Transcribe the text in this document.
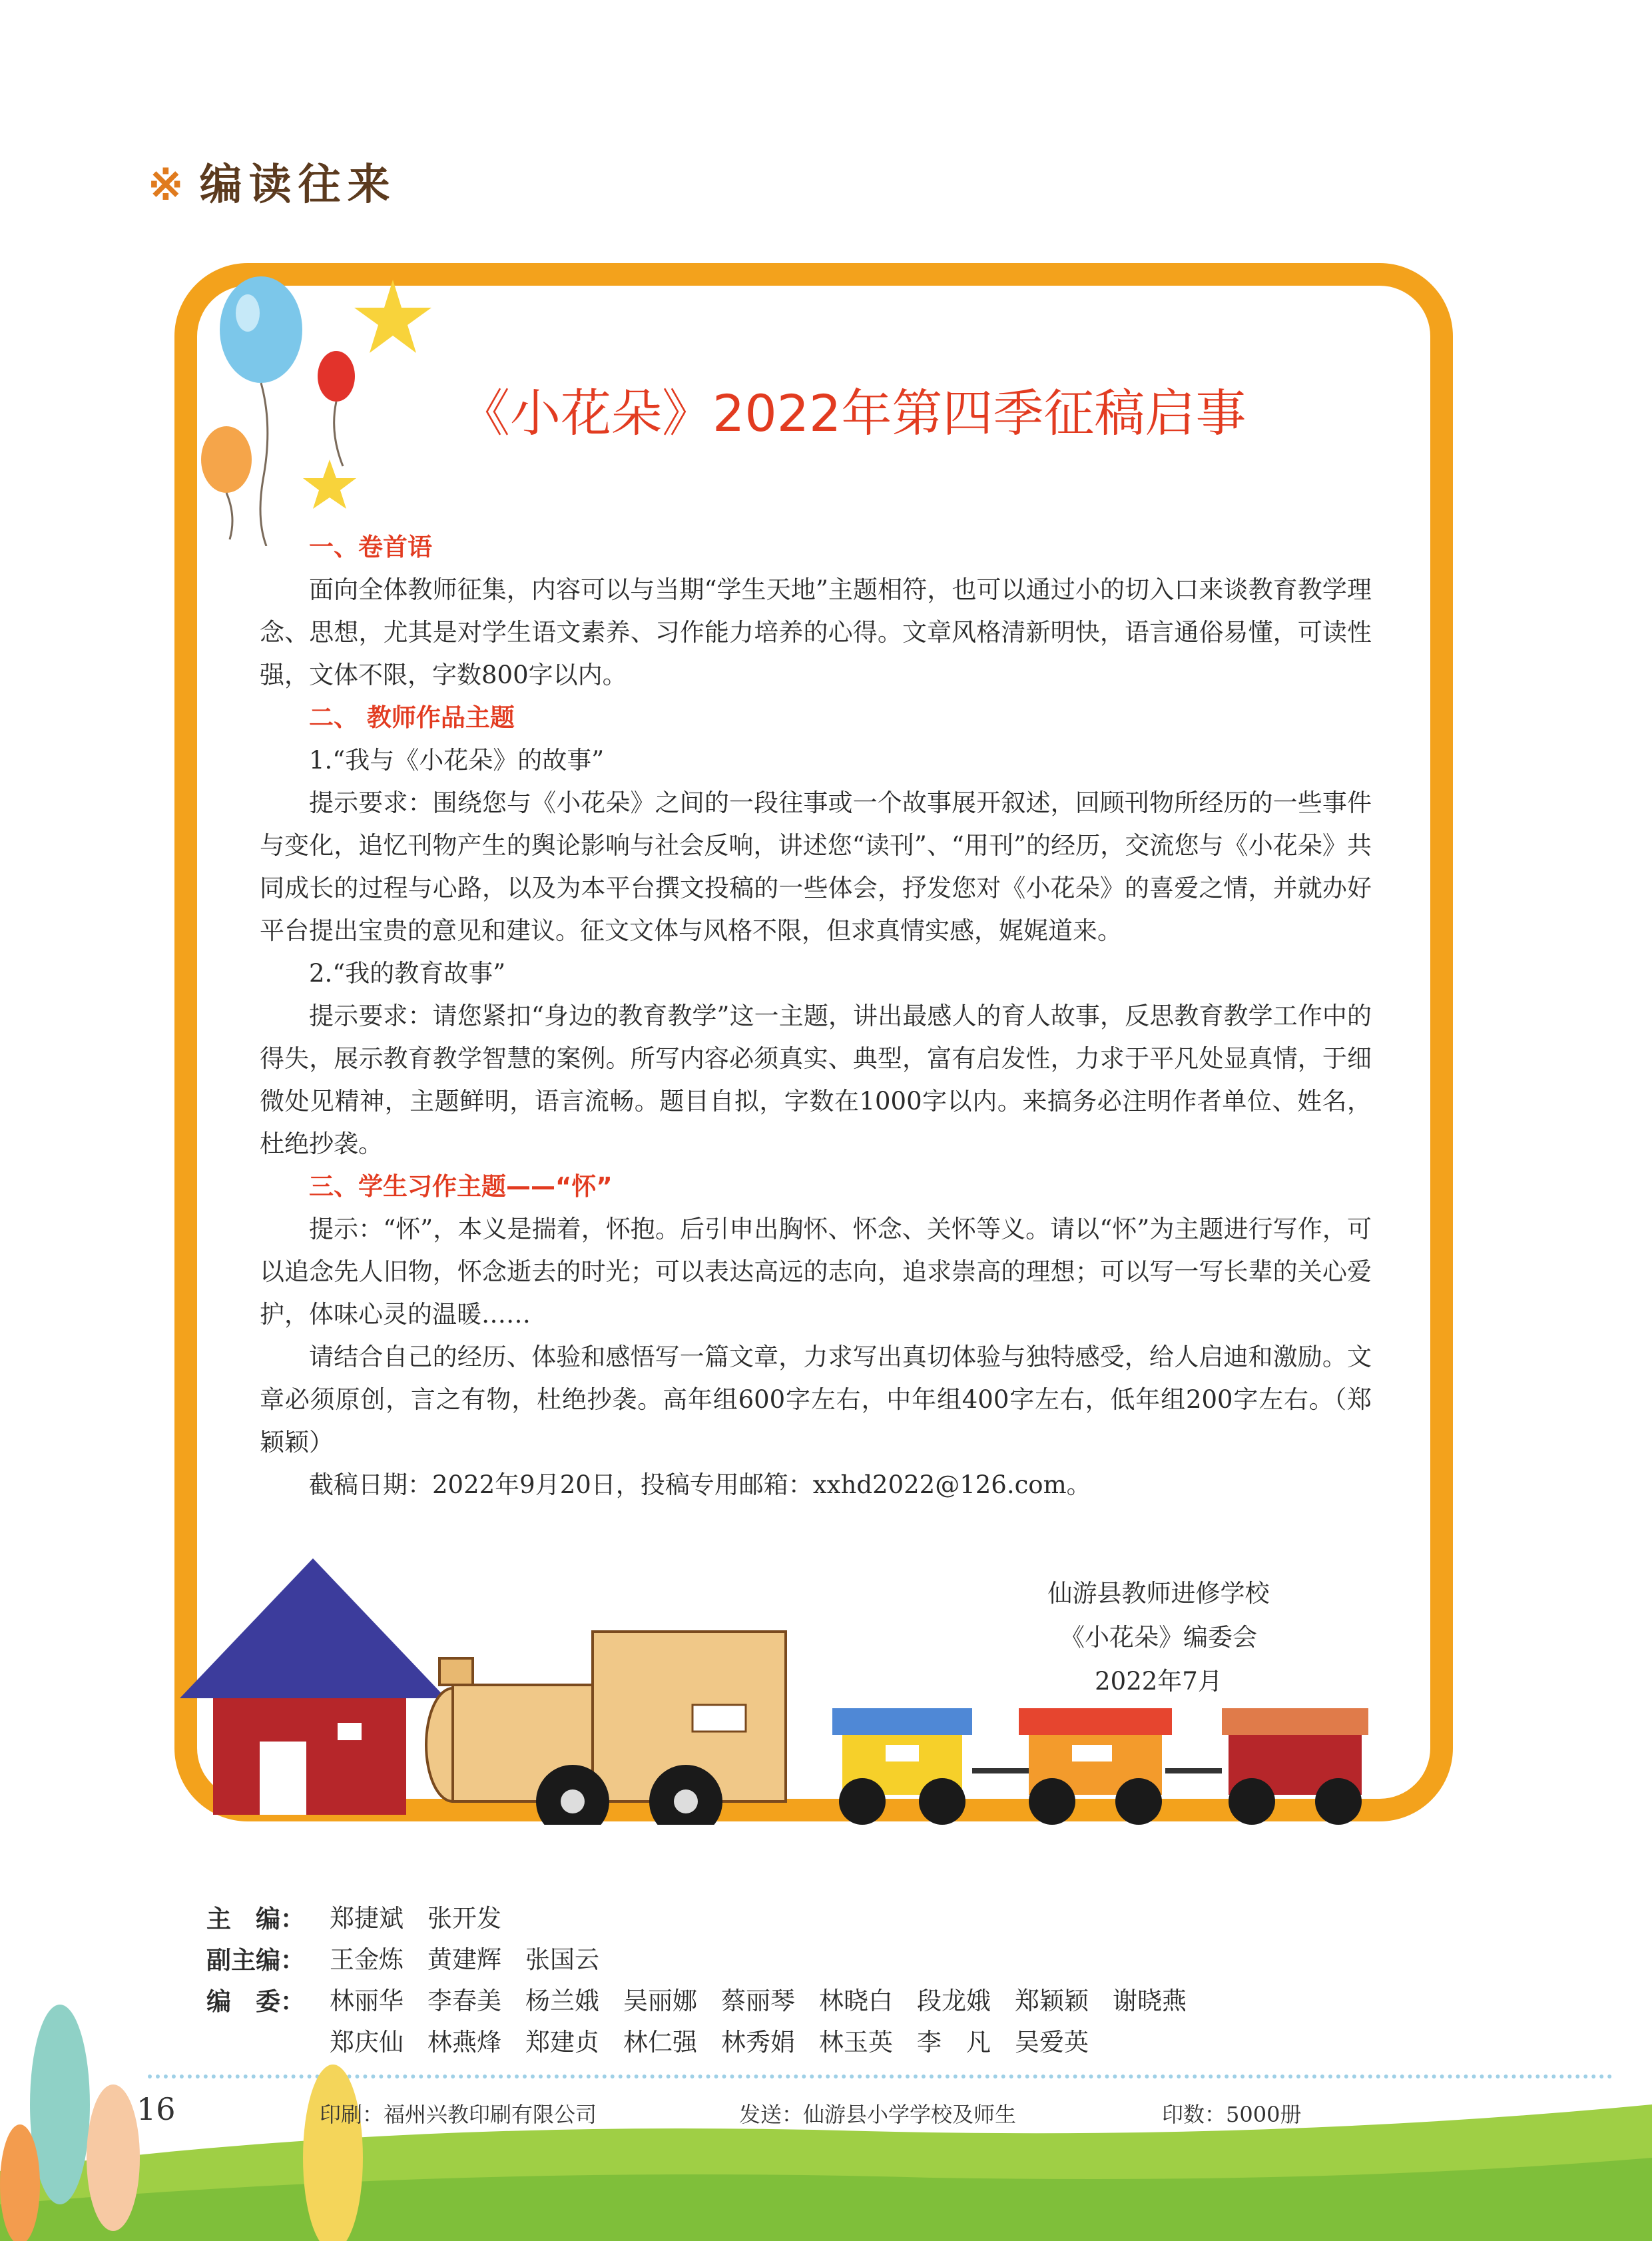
※ 编读往来
《小花朵》2022年第四季征稿启事
一、卷首语

面向全体教师征集，内容可以与当期“学生天地”主题相符，也可以通过小的切入口来谈教育教学理念、思想，尤其是对学生语文素养、习作能力培养的心得。文章风格清新明快，语言通俗易懂，可读性强，文体不限，字数800字以内。

二、 教师作品主题

1.“我与《小花朵》的故事”

提示要求：围绕您与《小花朵》之间的一段往事或一个故事展开叙述，回顾刊物所经历的一些事件与变化，追忆刊物产生的舆论影响与社会反响，讲述您“读刊”、“用刊”的经历，交流您与《小花朵》共同成长的过程与心路，以及为本平台撰文投稿的一些体会，抒发您对《小花朵》的喜爱之情，并就办好平台提出宝贵的意见和建议。征文文体与风格不限，但求真情实感，娓娓道来。

2.“我的教育故事”

提示要求：请您紧扣“身边的教育教学”这一主题，讲出最感人的育人故事，反思教育教学工作中的得失，展示教育教学智慧的案例。所写内容必须真实、典型，富有启发性，力求于平凡处显真情，于细微处见精神，主题鲜明，语言流畅。题目自拟，字数在1000字以内。来搞务必注明作者单位、姓名，杜绝抄袭。

三、学生习作主题——“怀”

提示：“怀”，本义是揣着，怀抱。后引申出胸怀、怀念、关怀等义。请以“怀”为主题进行写作，可以追念先人旧物，怀念逝去的时光；可以表达高远的志向，追求崇高的理想；可以写一写长辈的关心爱护，体味心灵的温暖……

请结合自己的经历、体验和感悟写一篇文章，力求写出真切体验与独特感受，给人启迪和激励。文章必须原创，言之有物，杜绝抄袭。高年组600字左右，中年组400字左右，低年组200字左右。（郑颖颖）

截稿日期：2022年9月20日，投稿专用邮箱：xxhd2022@126.com。

仙游县教师进修学校
《小花朵》编委会
2022年7月
主　编：	郑捷斌 张开发
副主编：	王金炼 黄建辉 张国云
编　委：	林丽华 李春美 杨兰娥 吴丽娜 蔡丽琴 林晓白 段龙娥 郑颖颖 谢晓燕
郑庆仙 林燕烽 郑建贞 林仁强 林秀娟 林玉英 李　凡 吴爱英
16	印刷：福州兴教印刷有限公司	发送：仙游县小学学校及师生	印数：5000册
